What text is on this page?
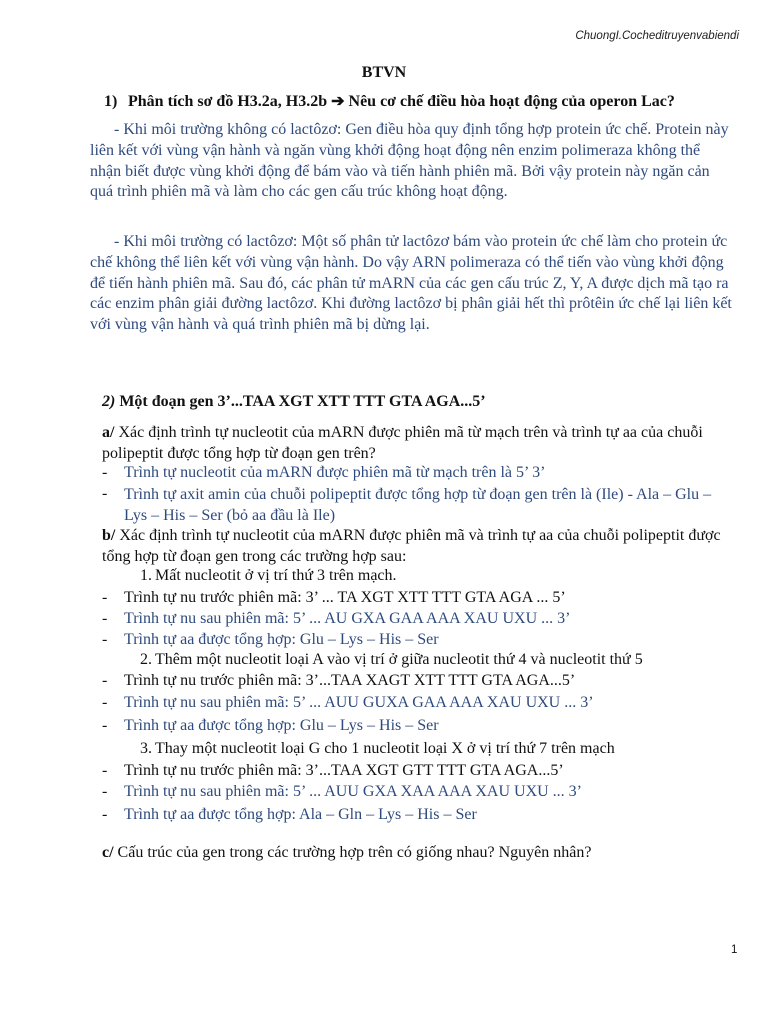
ChuongI.Cocheditruyenvabiendi
BTVN
1) Phân tích sơ đồ H3.2a, H3.2b ➔ Nêu cơ chế điều hòa hoạt động của operon Lac?

- Khi môi trường không có lactôzơ: Gen điều hòa quy định tổng hợp protein ức chế. Protein này liên kết với vùng vận hành và ngăn vùng khởi động hoạt động nên enzim polimeraza không thể nhận biết được vùng khởi động để bám vào và tiến hành phiên mã. Bởi vậy protein này ngăn cản quá trình phiên mã và làm cho các gen cấu trúc không hoạt động.

- Khi môi trường có lactôzơ: Một số phân tử lactôzơ bám vào protein ức chế làm cho protein ức chế không thể liên kết với vùng vận hành. Do vậy ARN polimeraza có thể tiến vào vùng khởi động để tiến hành phiên mã. Sau đó, các phân tử mARN của các gen cấu trúc Z, Y, A được dịch mã tạo ra các enzim phân giải đường lactôzơ. Khi đường lactôzơ bị phân giải hết thì prôtêin ức chế lại liên kết với vùng vận hành và quá trình phiên mã bị dừng lại.

2) Một đoạn gen 3’...TAA XGT XTT TTT GTA AGA...5’
a/ Xác định trình tự nucleotit của mARN được phiên mã từ mạch trên và trình tự aa của chuỗi polipeptit được tổng hợp từ đoạn gen trên?
- Trình tự nucleotit của mARN được phiên mã từ mạch trên là 5’ 3’
- Trình tự axit amin của chuỗi polipeptit được tổng hợp từ đoạn gen trên là (Ile) - Ala – Glu – Lys – His – Ser (bỏ aa đầu là Ile)
b/ Xác định trình tự nucleotit của mARN được phiên mã và trình tự aa của chuỗi polipeptit được tổng hợp từ đoạn gen trong các trường hợp sau:
1. Mất nucleotit ở vị trí thứ 3 trên mạch.
- Trình tự nu trước phiên mã: 3’ ... TA XGT XTT TTT GTA AGA ... 5’
- Trình tự nu sau phiên mã: 5’ ... AU GXA GAA AAA XAU UXU ... 3’
- Trình tự aa được tổng hợp: Glu – Lys – His – Ser
2. Thêm một nucleotit loại A vào vị trí ở giữa nucleotit thứ 4 và nucleotit thứ 5
- Trình tự nu trước phiên mã: 3’...TAA XAGT XTT TTT GTA AGA...5’
- Trình tự nu sau phiên mã: 5’ ... AUU GUXA GAA AAA XAU UXU ... 3’
- Trình tự aa được tổng hợp: Glu – Lys – His – Ser
3. Thay một nucleotit loại G cho 1 nucleotit loại X ở vị trí thứ 7 trên mạch
- Trình tự nu trước phiên mã: 3’...TAA XGT GTT TTT GTA AGA...5’
- Trình tự nu sau phiên mã: 5’ ... AUU GXA XAA AAA XAU UXU ... 3’
- Trình tự aa được tổng hợp: Ala – Gln – Lys – His – Ser
c/ Cấu trúc của gen trong các trường hợp trên có giống nhau? Nguyên nhân?
1
